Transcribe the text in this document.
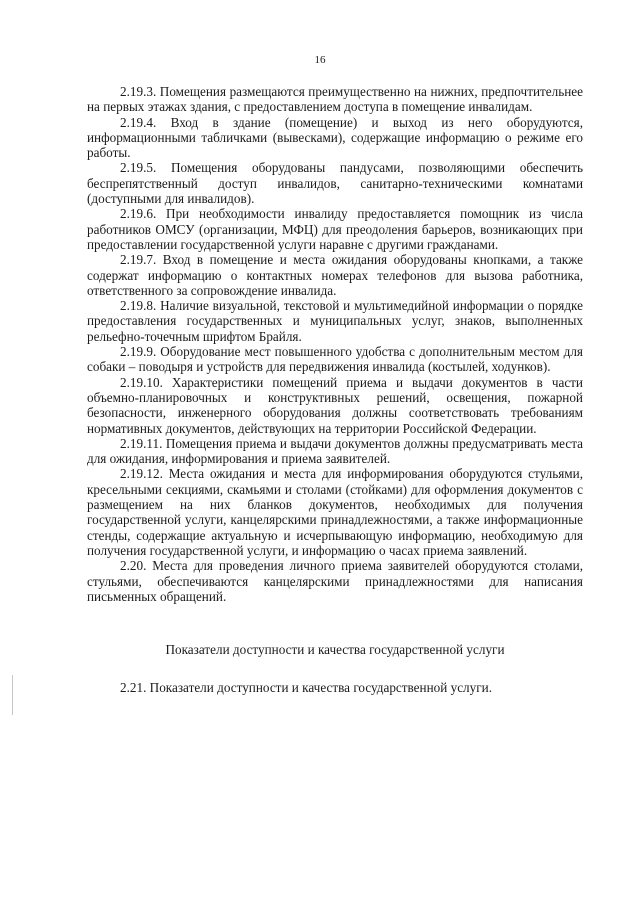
16

2.19.3. Помещения размещаются преимущественно на нижних, предпочтительнее на первых этажах здания, с предоставлением доступа в помещение инвалидам.

2.19.4. Вход в здание (помещение) и выход из него оборудуются, информационными табличками (вывесками), содержащие информацию о режиме его работы.

2.19.5. Помещения оборудованы пандусами, позволяющими обеспечить беспрепятственный доступ инвалидов, санитарно-техническими комнатами (доступными для инвалидов).

2.19.6. При необходимости инвалиду предоставляется помощник из числа работников ОМСУ (организации, МФЦ) для преодоления барьеров, возникающих при предоставлении государственной услуги наравне с другими гражданами.

2.19.7. Вход в помещение и места ожидания оборудованы кнопками, а также содержат информацию о контактных номерах телефонов для вызова работника, ответственного за сопровождение инвалида.

2.19.8. Наличие визуальной, текстовой и мультимедийной информации о порядке предоставления государственных и муниципальных услуг, знаков, выполненных рельефно-точечным шрифтом Брайля.

2.19.9. Оборудование мест повышенного удобства с дополнительным местом для собаки – поводыря и устройств для передвижения инвалида (костылей, ходунков).

2.19.10. Характеристики помещений приема и выдачи документов в части объемно-планировочных и конструктивных решений, освещения, пожарной безопасности, инженерного оборудования должны соответствовать требованиям нормативных документов, действующих на территории Российской Федерации.

2.19.11. Помещения приема и выдачи документов должны предусматривать места для ожидания, информирования и приема заявителей.

2.19.12. Места ожидания и места для информирования оборудуются стульями, кресельными секциями, скамьями и столами (стойками) для оформления документов с размещением на них бланков документов, необходимых для получения государственной услуги, канцелярскими принадлежностями, а также информационные стенды, содержащие актуальную и исчерпывающую информацию, необходимую для получения государственной услуги, и информацию о часах приема заявлений.

2.20. Места для проведения личного приема заявителей оборудуются столами, стульями, обеспечиваются канцелярскими принадлежностями для написания письменных обращений.

Показатели доступности и качества государственной услуги

2.21. Показатели доступности и качества государственной услуги.
